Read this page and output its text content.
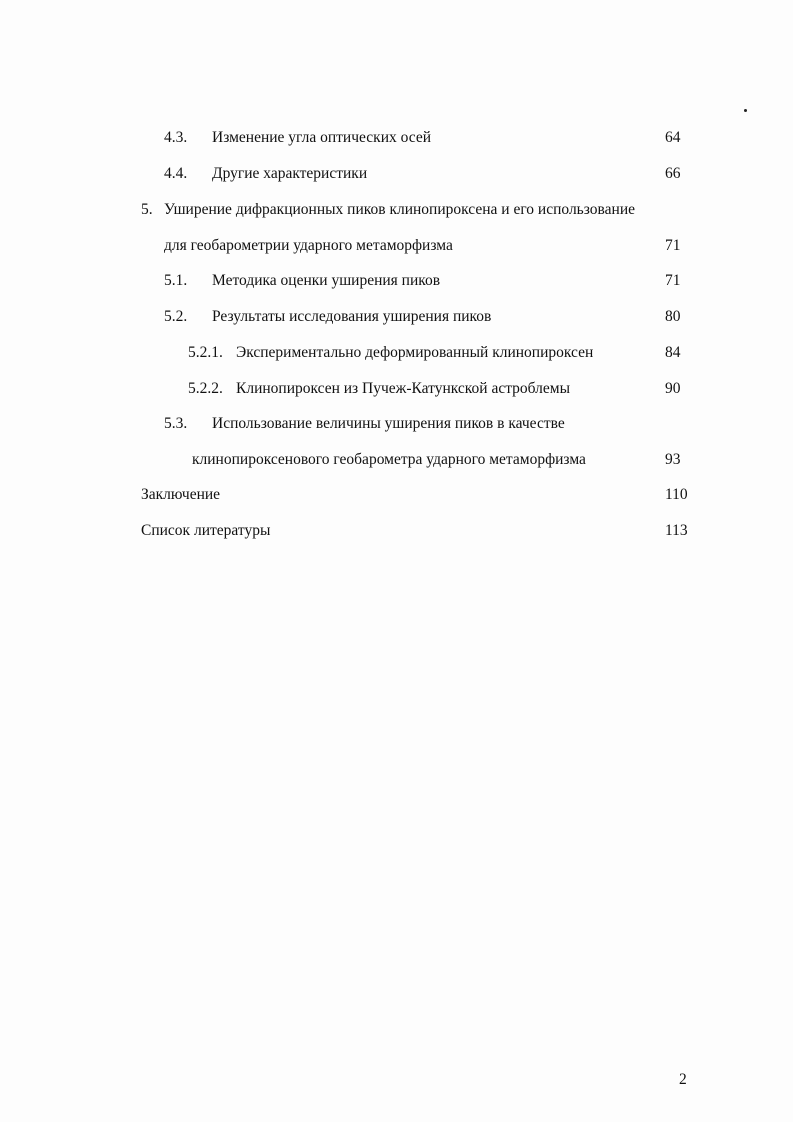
4.3. Изменение угла оптических осей	64
4.4. Другие характеристики	66
5. Уширение дифракционных пиков клинопироксена и его использование
для геобарометрии ударного метаморфизма	71
5.1. Методика оценки уширения пиков	71
5.2. Результаты исследования уширения пиков	80
5.2.1. Экспериментально деформированный клинопироксен	84
5.2.2. Клинопироксен из Пучеж-Катункской астроблемы	90
5.3. Использование величины уширения пиков в качестве
клинопироксенового геобарометра ударного метаморфизма	93
Заключение	110
Список литературы	113
2
